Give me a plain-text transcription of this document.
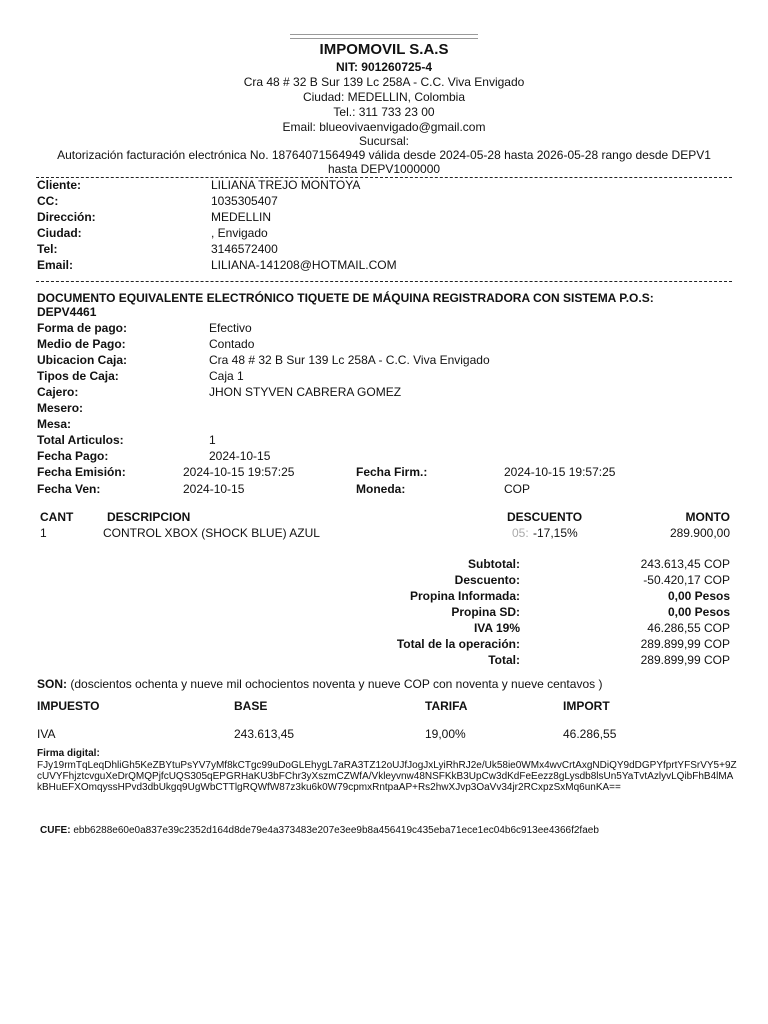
IMPOMOVIL S.A.S
NIT: 901260725-4
Cra 48 # 32 B Sur 139 Lc 258A - C.C. Viva Envigado
Ciudad: MEDELLIN, Colombia
Tel.: 311 733 23 00
Email: blueovivaenvigado@gmail.com
Sucursal:
Autorización facturación electrónica No. 18764071564949 válida desde 2024-05-28 hasta 2026-05-28 rango desde DEPV1
hasta DEPV1000000
Cliente:	LILIANA TREJO MONTOYA
CC:	1035305407
Dirección:	MEDELLIN
Ciudad:	, Envigado
Tel:	3146572400
Email:	LILIANA-141208@HOTMAIL.COM
DOCUMENTO EQUIVALENTE ELECTRÓNICO TIQUETE DE MÁQUINA REGISTRADORA CON SISTEMA P.O.S:
DEPV4461
Forma de pago:	Efectivo
Medio de Pago:	Contado
Ubicacion Caja:	Cra 48 # 32 B Sur 139 Lc 258A - C.C. Viva Envigado
Tipos de Caja:	Caja 1
Cajero:	JHON STYVEN CABRERA GOMEZ
Mesero:
Mesa:
Total Articulos:	1
Fecha Pago:	2024-10-15
Fecha Emisión:	2024-10-15 19:57:25	Fecha Firm.:	2024-10-15 19:57:25
Fecha Ven:	2024-10-15	Moneda:	COP
CANT	DESCRIPCION	DESCUENTO	MONTO
1	CONTROL XBOX (SHOCK BLUE) AZUL	05: -17,15%	289.900,00
Subtotal:	243.613,45 COP
Descuento:	-50.420,17 COP
Propina Informada:	0,00 Pesos
Propina SD:	0,00 Pesos
IVA 19%	46.286,55 COP
Total de la operación:	289.899,99 COP
Total:	289.899,99 COP
SON: (doscientos ochenta y nueve mil ochocientos noventa y nueve COP con noventa y nueve centavos )
IMPUESTO	BASE	TARIFA	IMPORT
IVA	243.613,45	19,00%	46.286,55
Firma digital:
FJy19rmTqLeqDhliGh5KeZBYtuPsYV7yMf8kCTgc99uDoGLEhygL7aRA3TZ12oUJfJogJxLyiRhRJ2e/Uk58ie0WMx4wvCrtAxgNDiQY9dDGPYfprtYFSrVY5+9ZcUVYFhjztcvguXeDrQMQPjfcUQS305qEPGRHaKU3bFChr3yXszmCZWfA/Vkleyvnw48NSFKkB3UpCw3dKdFeEezz8gLysdb8lsUn5YaTvtAzlyvLQibFhB4lMAkBHuEFXOmqyssHPvd3dbUkgq9UgWbCTTlgRQWfW87z3ku6k0W79cpmxRntpaAP+Rs2hwXJvp3OaVv34jr2RCxpzSxMq6unKA==
CUFE: ebb6288e60e0a837e39c2352d164d8de79e4a373483e207e3ee9b8a456419c435eba71ece1ec04b6c913ee4366f2faeb
